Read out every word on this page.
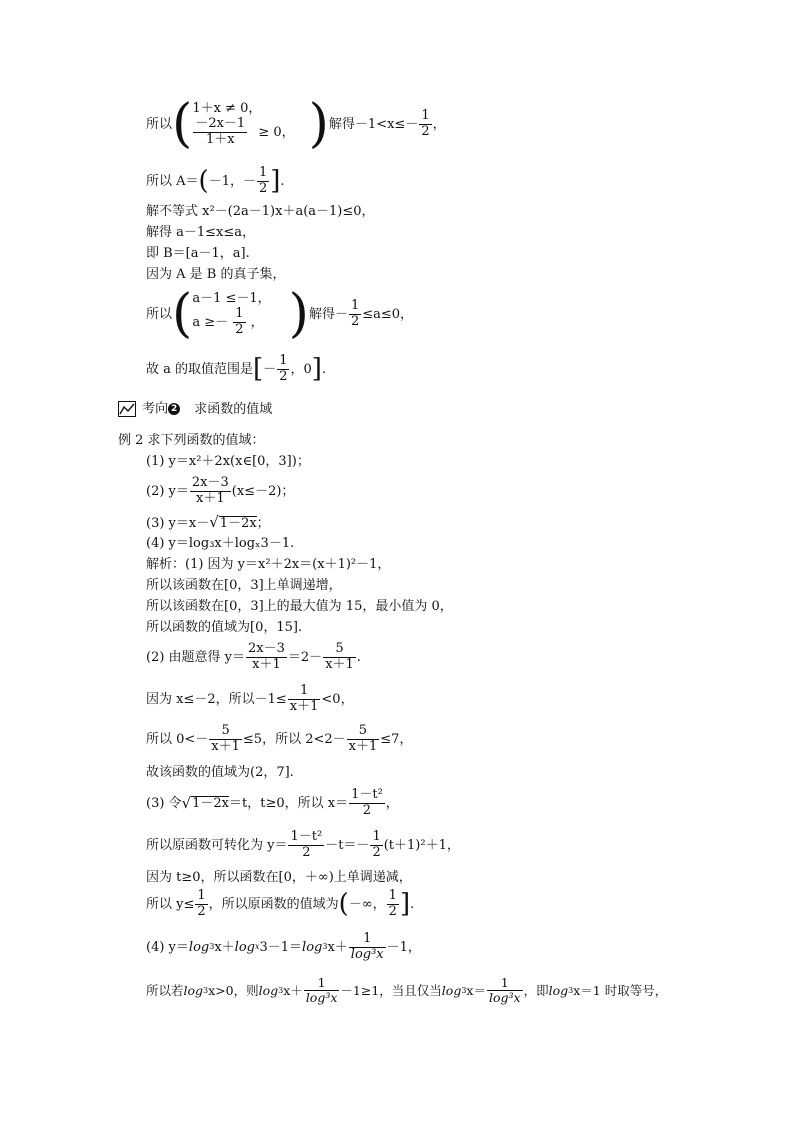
所以 ( 1＋x ≠ 0，
$\frac{-2x-1}{1+x} \ge 0$， ) 解得$-1<x\le- \frac{1}{2}$ ，
所以 A＝ ( －1，－ $\frac{1}{2}$ ] .
解不等式 x²－(2a－1)x＋a(a－1)≤0，
解得 a－1≤x≤a，
即 B＝[a－1，a].
因为 A 是 B 的真子集，
所以 ( a－1 ≤－1，
$a \ge- \frac{1}{2}$ ， ) 解得－ $\frac{1}{2} \le a\le 0$，
故 a 的取值范围是 [ － $\frac{1}{2}$ ，0 ] .
考向 2 求函数的值域
例 2 求下列函数的值域：
(1) y＝x²＋2x(x∈[0，3])；
(2) $y= \frac{2x-3}{x+1} (x\le-2)$；
(3) y＝x－√1－2x；
(4) y＝log₃x＋logₓ3－1.
解析：(1) 因为 y＝x²＋2x＝(x＋1)²－1，
所以该函数在[0，3]上单调递增，
所以该函数在[0，3]上的最大值为 15，最小值为 0，
所以函数的值域为[0，15].
(2) 由题意得 $y= \frac{2x-3}{x+1} =2- \frac{5}{x+1}$ .
因为 x≤－2，所以$-1\le \frac{1}{x+1} <0$，
所以 $0<- \frac{5}{x+1} \le 5$，所以 $2<2- \frac{5}{x+1} \le 7$，
故该函数的值域为(2，7].
(3) 令 √ 1－2x ＝t，t≥0，所以 $x= \frac{\text{1－t²}}{2}$ ，
所以原函数可转化为 $y= \frac{\text{1－t²}}{2} -t=- \frac{1}{2} (t+1)^2+1$，
因为 t≥0，所以函数在[0，＋∞)上单调递减，
所以 $y\le \frac{1}{2}$ ，所以原函数的值域为 ( －∞， $\frac{1}{2}$ ] .
(4) y＝ log 3 x＋ log x 3－1＝ log 3 $x+ \frac{1}{\text{log³x}} -1$，
所以若 log 3 x>0，则 log 3 $x+ \frac{1}{\text{log³x}} -1\ge 1$，当且仅当 log 3 $x= \frac{1}{\text{log³x}}$ ，即 log 3 x＝1 时取等号，
